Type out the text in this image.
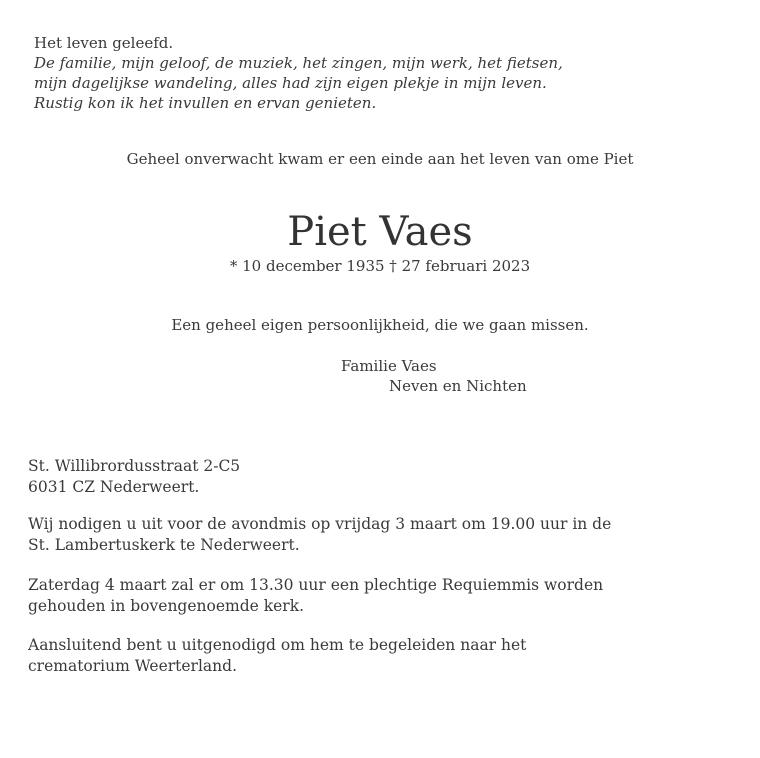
Het leven geleefd.
De familie, mijn geloof, de muziek, het zingen, mijn werk, het fietsen,
mijn dagelijkse wandeling, alles had zijn eigen plekje in mijn leven.
Rustig kon ik het invullen en ervan genieten.
Geheel onverwacht kwam er een einde aan het leven van ome Piet
Piet Vaes
* 10 december 1935 † 27 februari 2023
Een geheel eigen persoonlijkheid, die we gaan missen.
Familie Vaes
Neven en Nichten
St. Willibrordusstraat 2-C5
6031 CZ Nederweert.
Wij nodigen u uit voor de avondmis op vrijdag 3 maart om 19.00 uur in de
St. Lambertuskerk te Nederweert.
Zaterdag 4 maart zal er om 13.30 uur een plechtige Requiemmis worden
gehouden in bovengenoemde kerk.
Aansluitend bent u uitgenodigd om hem te begeleiden naar het
crematorium Weerterland.
